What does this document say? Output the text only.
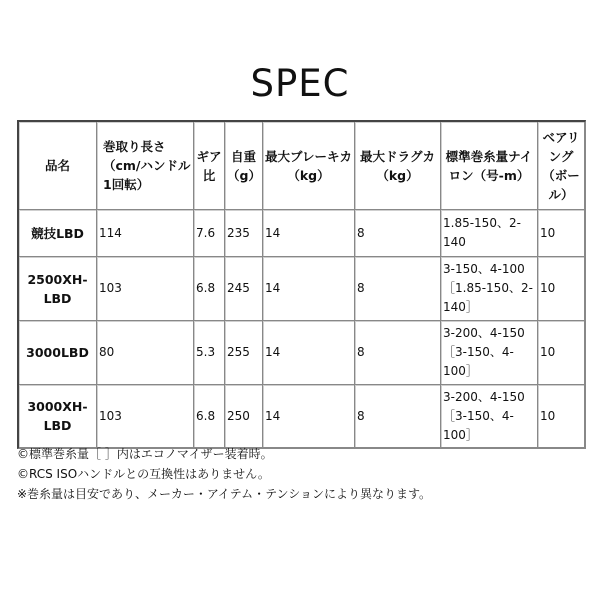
SPEC
品名	巻取り長さ（cm/ハンドル1回転）	ギア比	自重（g）	最大ブレーキカ（kg）	最大ドラグカ（kg）	標準巻糸量ナイロン（号-m）	ベアリング（ボール）
競技LBD	114	7.6	235	14	8	1.85-150、2-140	10
2500XH-LBD	103	6.8	245	14	8	3-150、4-100［1.85-150、2-140］	10
3000LBD	80	5.3	255	14	8	3-200、4-150［3-150、4-100］	10
3000XH-LBD	103	6.8	250	14	8	3-200、4-150［3-150、4-100］	10
©標準巻糸量［ ］内はエコノマイザー装着時。
©RCS ISOハンドルとの互換性はありません。
※巻糸量は目安であり、メーカー・アイテム・テンションにより異なります。
